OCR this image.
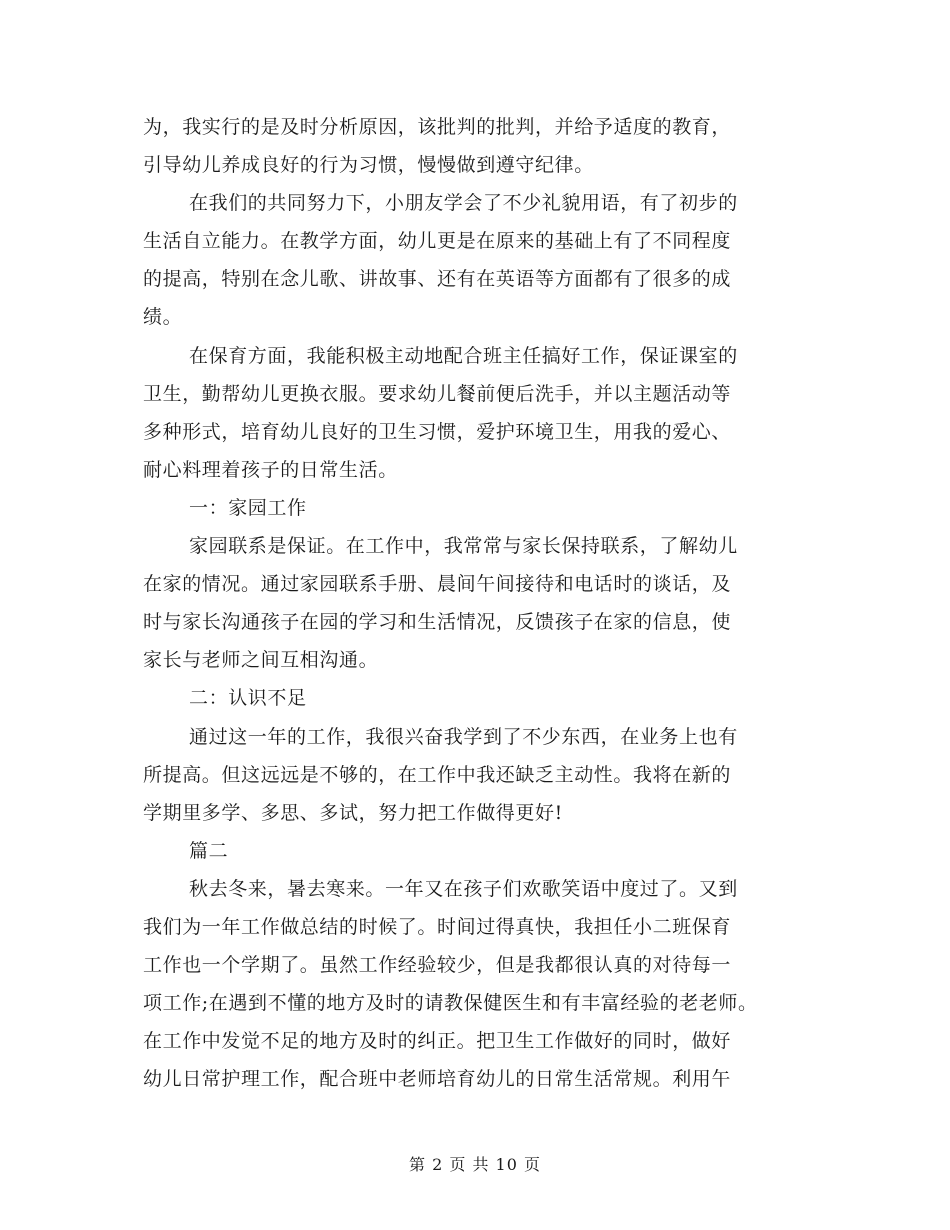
为，我实行的是及时分析原因，该批判的批判，并给予适度的教育，
引导幼儿养成良好的行为习惯，慢慢做到遵守纪律。
在我们的共同努力下，小朋友学会了不少礼貌用语，有了初步的
生活自立能力。在教学方面，幼儿更是在原来的基础上有了不同程度
的提高，特别在念儿歌、讲故事、还有在英语等方面都有了很多的成
绩。
在保育方面，我能积极主动地配合班主任搞好工作，保证课室的
卫生，勤帮幼儿更换衣服。要求幼儿餐前便后洗手，并以主题活动等
多种形式，培育幼儿良好的卫生习惯，爱护环境卫生，用我的爱心、
耐心料理着孩子的日常生活。
一：家园工作
家园联系是保证。在工作中，我常常与家长保持联系，了解幼儿
在家的情况。通过家园联系手册、晨间午间接待和电话时的谈话，及
时与家长沟通孩子在园的学习和生活情况，反馈孩子在家的信息，使
家长与老师之间互相沟通。
二：认识不足
通过这一年的工作，我很兴奋我学到了不少东西，在业务上也有
所提高。但这远远是不够的，在工作中我还缺乏主动性。我将在新的
学期里多学、多思、多试，努力把工作做得更好!
篇二
秋去冬来，暑去寒来。一年又在孩子们欢歌笑语中度过了。又到
我们为一年工作做总结的时候了。时间过得真快，我担任小二班保育
工作也一个学期了。虽然工作经验较少，但是我都很认真的对待每一
项工作;在遇到不懂的地方及时的请教保健医生和有丰富经验的老老师。
在工作中发觉不足的地方及时的纠正。把卫生工作做好的同时，做好
幼儿日常护理工作，配合班中老师培育幼儿的日常生活常规。利用午
第 2 页 共 10 页
